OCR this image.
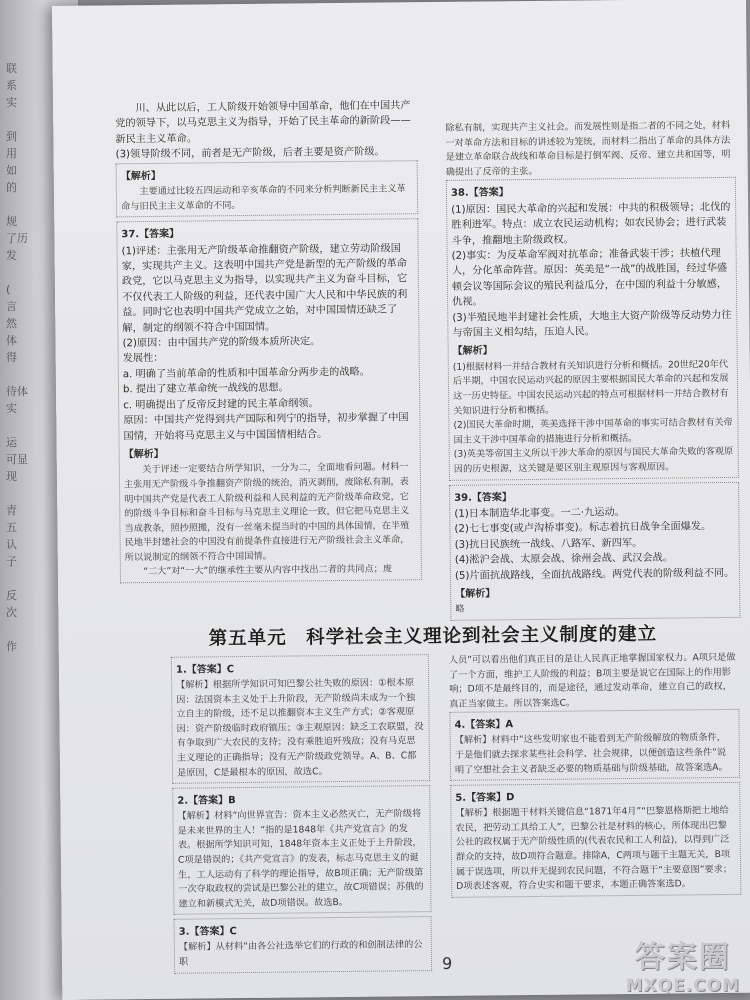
联
系
实

到
用
如
的

规
了历
发

(
言
然
体
得

待体
实

运
可显
现

青
五
认
子

反
次

作

川、从此以后，工人阶级开始领导中国革命，他们在中国共产党的领导下，以马克思主义为指导，开始了民主革命的新阶段——新民主主义革命。

(3)领导阶级不同，前者是无产阶级，后者主要是资产阶级。

【解析】

主要通过比较五四运动和辛亥革命的不同来分析判断新民主主义革命与旧民主主义革命的不同。

37.【答案】

(1)评述：主张用无产阶级革命推翻资产阶级，建立劳动阶级国家，实现共产主义。这表明中国共产党是新型的无产阶级的革命政党，它以马克思主义为指导，以实现共产主义为奋斗目标，它不仅代表工人阶级的利益，还代表中国广大人民和中华民族的利益。同时它也表明中国共产党成立之始，对中国国情还缺乏了解，制定的纲领不符合中国国情。

(2)原因：由中国共产党的阶级本质所决定。

发展性：

a. 明确了当前革命的性质和中国革命分两步走的战略。

b. 提出了建立革命统一战线的思想。

c. 明确提出了反帝反封建的民主革命纲领。

原因：中国共产党得到共产国际和列宁的指导，初步掌握了中国国情，开始将马克思主义与中国国情相结合。

【解析】

关于评述一定要结合所学知识，一分为二，全面地看问题。材料一主张用无产阶级斗争推翻资产阶级的统治，消灭剥削，废除私有制，表明中国共产党是代表工人阶级利益和人民利益的无产阶级革命政党，它的阶级斗争目标和奋斗目标与马克思主义理论一致，但它把马克思主义当成教条，照抄照搬，没有一丝毫未提当时的中国的具体国情，在半殖民地半封建社会的中国没有前提条件直接进行无产阶级社会主义革命，所以说制定的纲领不符合中国国情。

“二大”对“一大”的继承性主要从内容中找出二者的共同点；废

除私有制，实现共产主义社会。而发展性则是指二者的不同之处，材料一对革命方法和目标的讲述较为笼统，而材料二指出了革命的具体方法是建立革命联合战线和革命目标是打倒军阀、反帝、建立共和国等，明确提出了反帝的主张。

38.【答案】

(1)原因：国民大革命的兴起和发展：中共的积极领导；北伐的胜利进军。特点：成立农民运动机构；如农民协会；进行武装斗争，推翻地主阶级政权。

(2)事实：为反革命军阀对抗革命；准备武装干涉；扶植代理人，分化革命阵营。原因：英美是“一战”的战胜国，经过华盛顿会议等国际会议的殖民利益瓜分，在中国的利益十分敏感，仇视。

(3)半殖民地半封建社会性质，大地主大资产阶级等反动势力往与帝国主义相勾结，压迫人民。

【解析】

(1)根据材料一并结合教材有关知识进行分析和概括。20世纪20年代后半期，中国农民运动兴起的原因主要根据国民大革命的兴起和发展这一历史特征。中国农民运动兴起的特点可根据材料一并结合教材有关知识进行分析和概括。

(2)国民大革命时期，英美选择干涉中国革命的事实可结合教材有关帝国主义干涉中国革命的措施进行分析和概括。

(3)英美等帝国主义所以干涉大革命的原因与国民大革命失败的客观原因的历史根源，这关键是要区别主观原因与客观原因。

39.【答案】

(1)日本制造华北事变。一二·九运动。

(2)七七事变(或卢沟桥事变)。标志着抗日战争全面爆发。

(3)抗日民族统一战线、八路军、新四军。

(4)淞沪会战、太原会战、徐州会战、武汉会战。

(5)片面抗战路线，全面抗战路线。两党代表的阶级利益不同。

【解析】

略

第五单元　科学社会主义理论到社会主义制度的建立
1.【答案】C

【解析】根据所学知识可知巴黎公社失败的原因：①根本原因：法国资本主义处于上升阶段，无产阶级尚未成为一个独立自主的阶级，还不足以推翻资本主义生产方式；②客观原因：资产阶级临时政府镇压；③主观原因：缺乏工农联盟，没有争取到广大农民的支持；没有乘胜追歼残敌；没有马克思主义理论的正确指导；没有无产阶级政党领导。A、B、C都是原因，C是最根本的原因，故选C。

2.【答案】B

【解析】材料“向世界宣告：资本主义必然灭亡，无产阶级将是未来世界的主人！”指的是1848年《共产党宣言》的发表。根据所学知识可知，1848年资本主义正处于上升阶段，C项是错误的；《共产党宣言》的发表，标志马克思主义的诞生，工人运动有了科学的理论指导，故B项正确；无产阶级第一次夺取政权的尝试是巴黎公社的建立，故C项错误；苏俄的建立和新模式无关，故D项错误。故选B。

3.【答案】C

【解析】从材料“由各公社选举它们的行政的和创制法律的公职

人员”可以看出他们真正目的是让人民真正地掌握国家权力。A项只是做了一个方面，维护工人阶级的利益；B项主要是说它在国际上的作用影响；D项不是最终目的，而是途径，通过发动革命，建立自己的政权，真正当家做主。所以答案选C。

4.【答案】A

【解析】材料中“这些发明家也不能看到无产阶级解放的物质条件，于是他们就去探求某些社会科学、社会规律，以便创造这些条件”说明了空想社会主义者缺乏必要的物质基础与阶级基础，故答案选A。

5.【答案】D

【解析】根据题干材料关键信息“1871年4月”“巴黎恩格斯把土地给农民，把劳动工具给工人”，巴黎公社是材料的核心，所体现出巴黎公社的政权属于无产阶级性质的(代表农民和工人利益)，以得到广泛群众的支持，故D项符合题意。排除A，C两项与题干主题无关，B项属于误选项，所以并无提到农民问题，不符合题干“主要意图”要求；D项表述客观，符合史实和题干要求，本题正确答案选D。

9	答案圈
MXQE.COM
